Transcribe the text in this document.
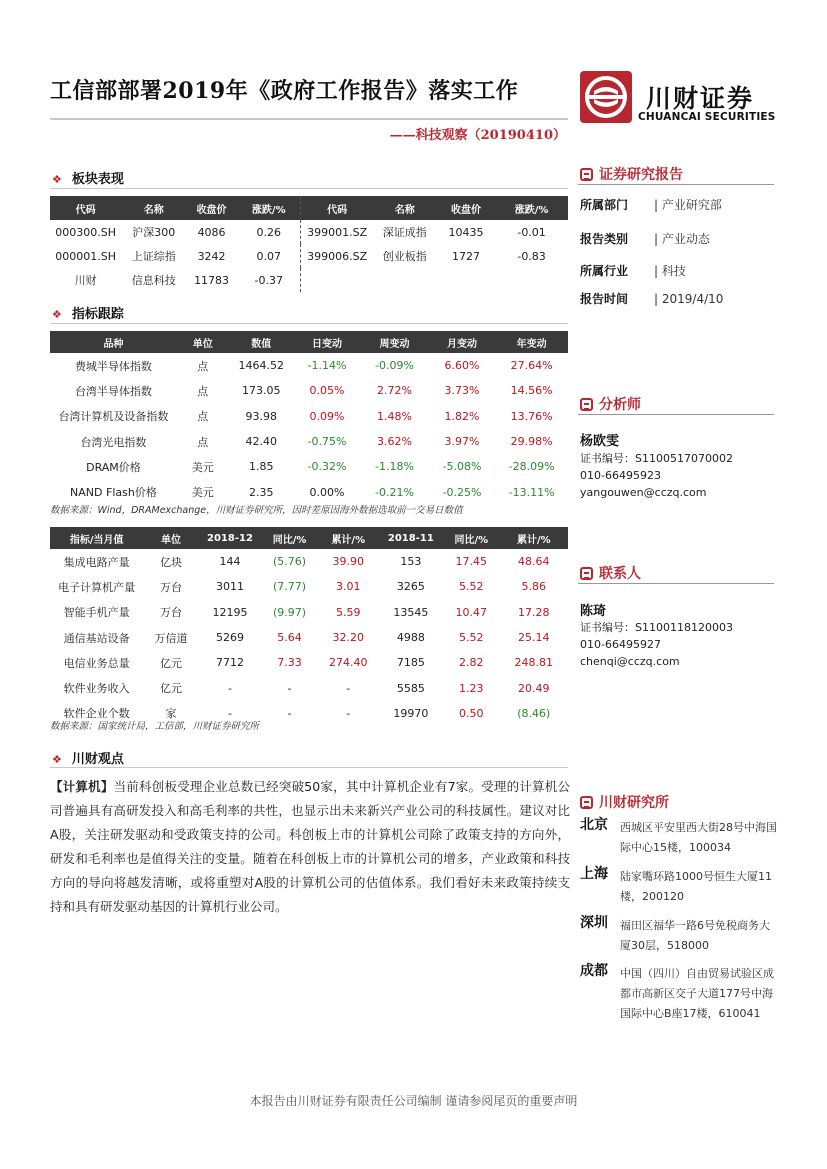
工信部部署2019年《政府工作报告》落实工作
——科技观察（20190410）
川财证券
CHUANCAI SECURITIES
❖ 板块表现
代码	名称	收盘价	涨跌/%	代码	名称	收盘价	涨跌/%
000300.SH	沪深300	4086	0.26	399001.SZ	深证成指	10435	-0.01
000001.SH	上证综指	3242	0.07	399006.SZ	创业板指	1727	-0.83
川财	信息科技	11783	-0.37				
❖ 指标跟踪
品种	单位	数值	日变动	周变动	月变动	年变动
费城半导体指数	点	1464.52	-1.14%	-0.09%	6.60%	27.64%
台湾半导体指数	点	173.05	0.05%	2.72%	3.73%	14.56%
台湾计算机及设备指数	点	93.98	0.09%	1.48%	1.82%	13.76%
台湾光电指数	点	42.40	-0.75%	3.62%	3.97%	29.98%
DRAM价格	美元	1.85	-0.32%	-1.18%	-5.08%	-28.09%
NAND Flash价格	美元	2.35	0.00%	-0.21%	-0.25%	-13.11%
数据来源：Wind，DRAMexchange，川财证券研究所，因时差原因海外数据选取前一交易日数值
指标/当月值	单位	2018-12	同比/%	累计/%	2018-11	同比/%	累计/%
集成电路产量	亿块	144	(5.76)	39.90	153	17.45	48.64
电子计算机产量	万台	3011	(7.77)	3.01	3265	5.52	5.86
智能手机产量	万台	12195	(9.97)	5.59	13545	10.47	17.28
通信基站设备	万信道	5269	5.64	32.20	4988	5.52	25.14
电信业务总量	亿元	7712	7.33	274.40	7185	2.82	248.81
软件业务收入	亿元	-	-	-	5585	1.23	20.49
软件企业个数	家	-	-	-	19970	0.50	(8.46)
数据来源：国家统计局，工信部，川财证券研究所
❖ 川财观点
【计算机】当前科创板受理企业总数已经突破50家，其中计算机企业有7家。受理的计算机公司普遍具有高研发投入和高毛利率的共性，也显示出未来新兴产业公司的科技属性。建议对比A股，关注研发驱动和受政策支持的公司。科创板上市的计算机公司除了政策支持的方向外，研发和毛利率也是值得关注的变量。随着在科创板上市的计算机公司的增多，产业政策和科技方向的导向将越发清晰，或将重塑对A股的计算机公司的估值体系。我们看好未来政策持续支持和具有研发驱动基因的计算机行业公司。
证券研究报告
所属部门 | 产业研究部
报告类别 | 产业动态
所属行业 | 科技
报告时间 | 2019/4/10
分析师
杨欧雯
证书编号：S1100517070002
010-66495923
yangouwen@cczq.com
联系人
陈琦
证书编号：S1100118120003
010-66495927
chenqi@cczq.com
川财研究所
北京 西城区平安里西大街28号中海国际中心15楼，100034
上海 陆家嘴环路1000号恒生大厦11楼，200120
深圳 福田区福华一路6号免税商务大厦30层，518000
成都 中国（四川）自由贸易试验区成都市高新区交子大道177号中海国际中心B座17楼，610041
本报告由川财证券有限责任公司编制 谨请参阅尾页的重要声明
